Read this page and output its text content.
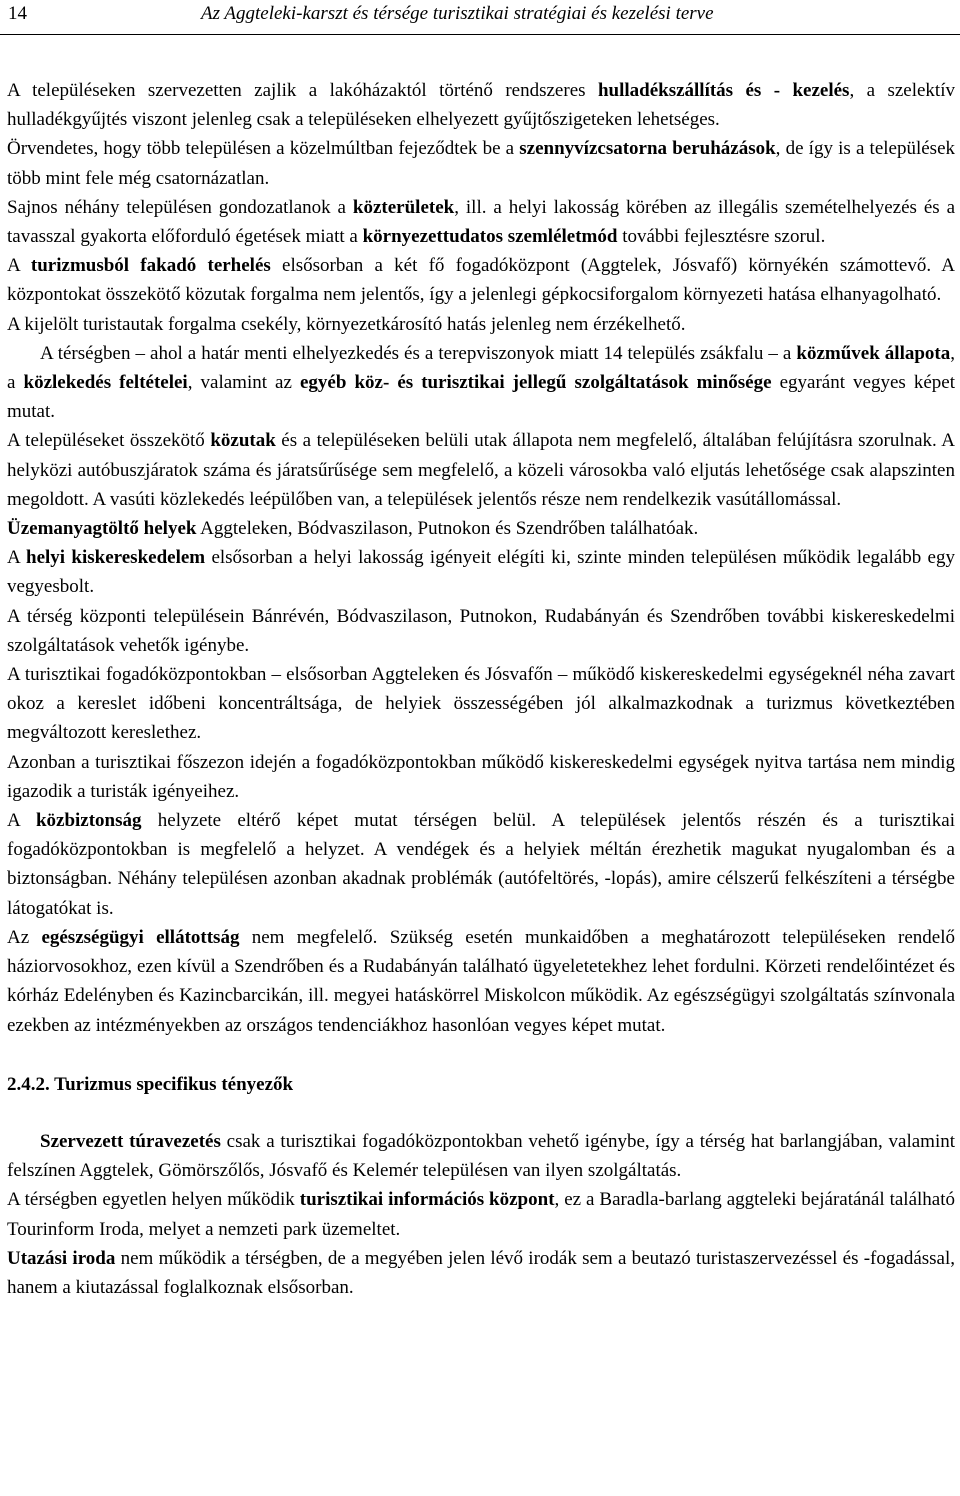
14	Az Aggteleki-karszt és térsége turisztikai stratégiai és kezelési terve

A településeken szervezetten zajlik a lakóházaktól történő rendszeres hulladékszállítás és - kezelés, a szelektív hulladékgyűjtés viszont jelenleg csak a településeken elhelyezett gyűjtőszigeteken lehetséges.

Örvendetes, hogy több településen a közelmúltban fejeződtek be a szennyvízcsatorna beruházások, de így is a települések több mint fele még csatornázatlan.

Sajnos néhány településen gondozatlanok a közterületek, ill. a helyi lakosság körében az illegális szemételhelyezés és a tavasszal gyakorta előforduló égetések miatt a környezettudatos szemléletmód további fejlesztésre szorul.

A turizmusból fakadó terhelés elsősorban a két fő fogadóközpont (Aggtelek, Jósvafő) környékén számottevő. A központokat összekötő közutak forgalma nem jelentős, így a jelenlegi gépkocsiforgalom környezeti hatása elhanyagolható.

A kijelölt turistautak forgalma csekély, környezetkárosító hatás jelenleg nem érzékelhető.

A térségben – ahol a határ menti elhelyezkedés és a terepviszonyok miatt 14 település zsákfalu – a közművek állapota, a közlekedés feltételei, valamint az egyéb köz- és turisztikai jellegű szolgáltatások minősége egyaránt vegyes képet mutat.

A településeket összekötő közutak és a településeken belüli utak állapota nem megfelelő, általában felújításra szorulnak. A helyközi autóbuszjáratok száma és járatsűrűsége sem megfelelő, a közeli városokba való eljutás lehetősége csak alapszinten megoldott. A vasúti közlekedés leépülőben van, a települések jelentős része nem rendelkezik vasútállomással.

Üzemanyagtöltő helyek Aggteleken, Bódvaszilason, Putnokon és Szendrőben találhatóak.

A helyi kiskereskedelem elsősorban a helyi lakosság igényeit elégíti ki, szinte minden településen működik legalább egy vegyesbolt.

A térség központi településein Bánrévén, Bódvaszilason, Putnokon, Rudabányán és Szendrőben további kiskereskedelmi szolgáltatások vehetők igénybe.

A turisztikai fogadóközpontokban – elsősorban Aggteleken és Jósvafőn – működő kiskereskedelmi egységeknél néha zavart okoz a kereslet időbeni koncentráltsága, de helyiek összességében jól alkalmazkodnak a turizmus következtében megváltozott kereslethez.

Azonban a turisztikai főszezon idején a fogadóközpontokban működő kiskereskedelmi egységek nyitva tartása nem mindig igazodik a turisták igényeihez.

A közbiztonság helyzete eltérő képet mutat térségen belül. A települések jelentős részén és a turisztikai fogadóközpontokban is megfelelő a helyzet. A vendégek és a helyiek méltán érezhetik magukat nyugalomban és a biztonságban. Néhány településen azonban akadnak problémák (autófeltörés, -lopás), amire célszerű felkészíteni a térségbe látogatókat is.

Az egészségügyi ellátottság nem megfelelő. Szükség esetén munkaidőben a meghatározott településeken rendelő háziorvosokhoz, ezen kívül a Szendrőben és a Rudabányán található ügyeletetekhez lehet fordulni. Körzeti rendelőintézet és kórház Edelényben és Kazincbarcikán, ill. megyei hatáskörrel Miskolcon működik. Az egészségügyi szolgáltatás színvonala ezekben az intézményekben az országos tendenciákhoz hasonlóan vegyes képet mutat.

2.4.2. Turizmus specifikus tényezők

Szervezett túravezetés csak a turisztikai fogadóközpontokban vehető igénybe, így a térség hat barlangjában, valamint felszínen Aggtelek, Gömörszőlős, Jósvafő és Kelemér településen van ilyen szolgáltatás.

A térségben egyetlen helyen működik turisztikai információs központ, ez a Baradla-barlang aggteleki bejáratánál található Tourinform Iroda, melyet a nemzeti park üzemeltet.

Utazási iroda nem működik a térségben, de a megyében jelen lévő irodák sem a beutazó turistaszervezéssel és -fogadással, hanem a kiutazással foglalkoznak elsősorban.
